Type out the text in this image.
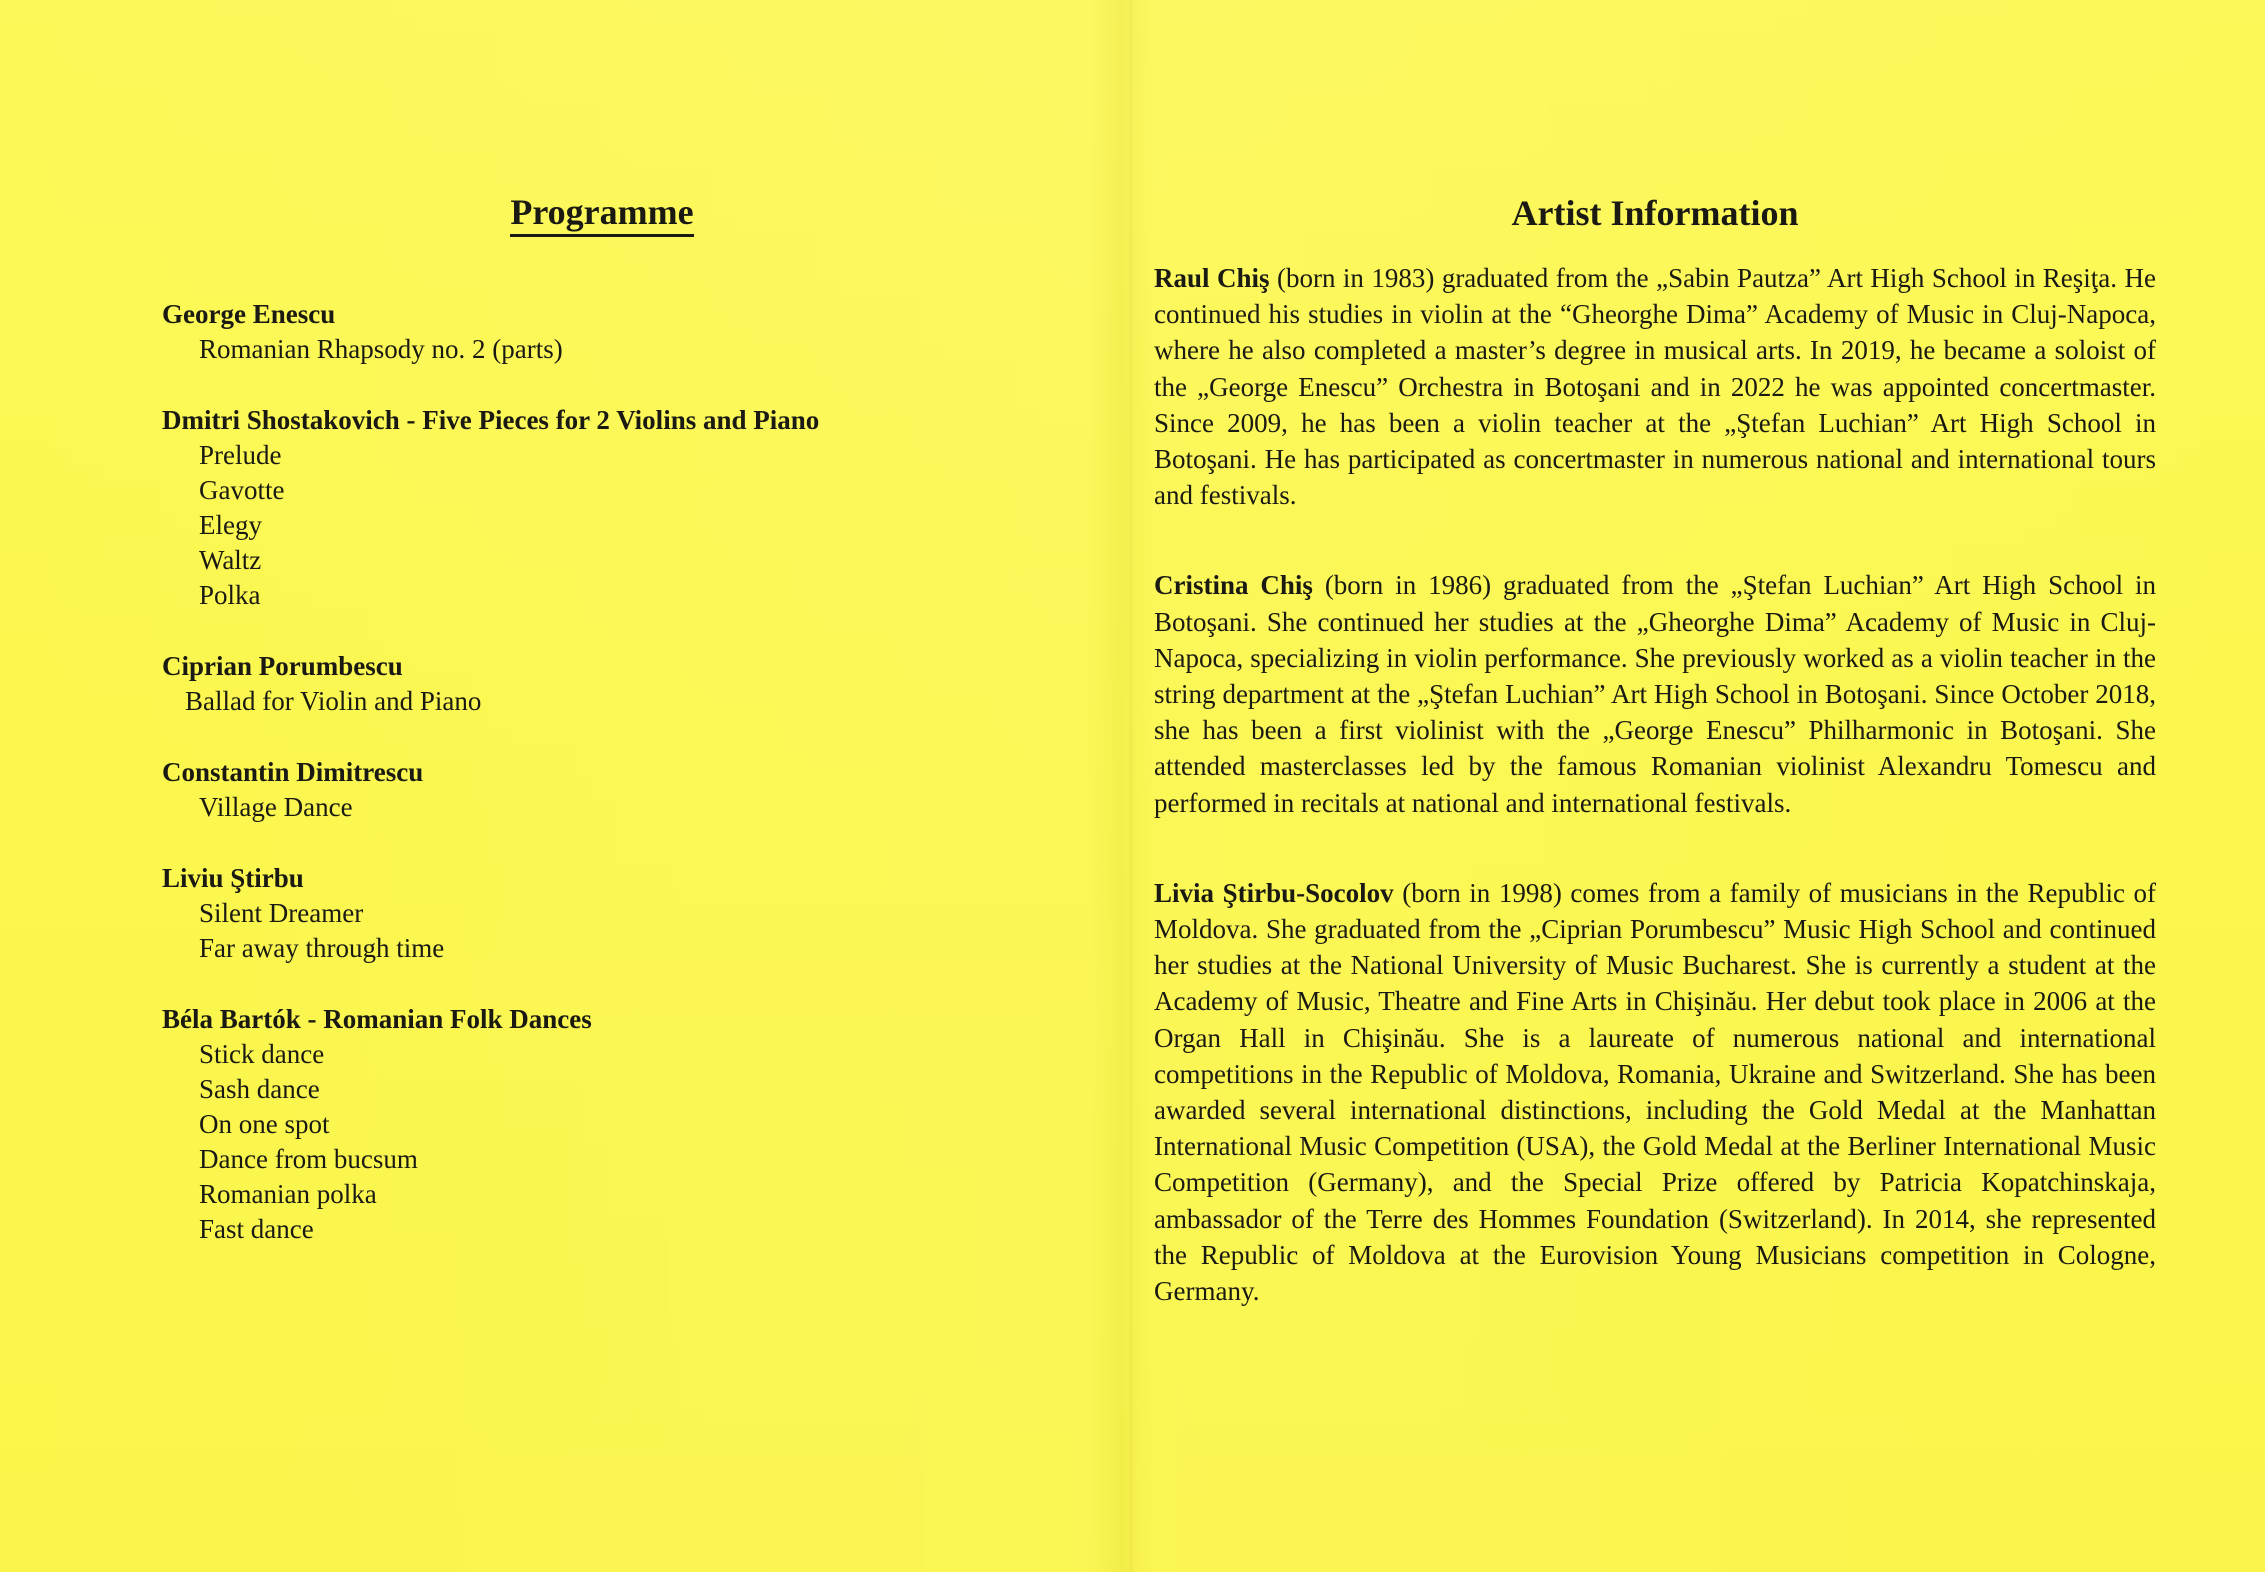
Programme

George Enescu

Romanian Rhapsody no. 2 (parts)

Dmitri Shostakovich - Five Pieces for 2 Violins and Piano

Prelude

Gavotte

Elegy

Waltz

Polka

Ciprian Porumbescu

Ballad for Violin and Piano

Constantin Dimitrescu

Village Dance

Liviu Ştirbu

Silent Dreamer

Far away through time

Béla Bartók - Romanian Folk Dances

Stick dance

Sash dance

On one spot

Dance from bucsum

Romanian polka

Fast dance

Artist Information

Raul Chiş (born in 1983) graduated from the „Sabin Pautza” Art High School in Reşiţa. He continued his studies in violin at the “Gheorghe Dima” Academy of Music in Cluj-Napoca, where he also completed a master’s degree in musical arts. In 2019, he became a soloist of the „George Enescu” Orchestra in Botoşani and in 2022 he was appointed concertmaster. Since 2009, he has been a violin teacher at the „Ştefan Luchian” Art High School in Botoşani. He has participated as concertmaster in numerous national and international tours and festivals.

Cristina Chiş (born in 1986) graduated from the „Ştefan Luchian” Art High School in Botoşani. She continued her studies at the „Gheorghe Dima” Academy of Music in Cluj-Napoca, specializing in violin performance. She previously worked as a violin teacher in the string department at the „Ştefan Luchian” Art High School in Botoşani. Since October 2018, she has been a first violinist with the „George Enescu” Philharmonic in Botoşani. She attended masterclasses led by the famous Romanian violinist Alexandru Tomescu and performed in recitals at national and international festivals.

Livia Ştirbu-Socolov (born in 1998) comes from a family of musicians in the Republic of Moldova. She graduated from the „Ciprian Porumbescu” Music High School and continued her studies at the National University of Music Bucharest. She is currently a student at the Academy of Music, Theatre and Fine Arts in Chişinău. Her debut took place in 2006 at the Organ Hall in Chişinău. She is a laureate of numerous national and international competitions in the Republic of Moldova, Romania, Ukraine and Switzerland. She has been awarded several international distinctions, including the Gold Medal at the Manhattan International Music Competition (USA), the Gold Medal at the Berliner International Music Competition (Germany), and the Special Prize offered by Patricia Kopatchinskaja, ambassador of the Terre des Hommes Foundation (Switzerland). In 2014, she represented the Republic of Moldova at the Eurovision Young Musicians competition in Cologne, Germany.
